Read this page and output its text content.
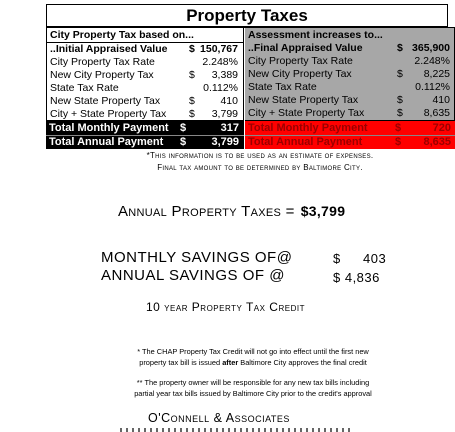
Property Taxes
City Property Tax based on...
..Initial Appraised Value $ 150,767
City Property Tax Rate	2.248%
New City Property Tax	$ 3,389
State Tax Rate	0.112%
New State Property Tax	$ 410
City + State Property Tax $ 3,799
Assessment increases to...
..Final Appraised Value	$ 365,900
City Property Tax Rate	2.248%
New City Property Tax	$ 8,225
State Tax Rate	0.112%
New State Property Tax	$	410
City + State Property Tax	$ 8,635
Total Monthly Payment $	317
Total Annual Payment $ 3,799
Total Monthly Payment $	720
Total Annual Payment	$ 8,635
*This information is to be used as an estimate of expenses.
Final tax amount to be determined by Baltimore City.
Annual Property Taxes = $3,799
MONTHLY SAVINGS OF@	$ 403
ANNUAL SAVINGS OF @	$ 4,836
10 year Property Tax Credit
* The CHAP Property Tax Credit will not go into effect until the first new
property tax bill is issued after Baltimore City approves the final credit
** The property owner will be responsible for any new tax bills including
partial year tax bills issued by Baltimore City prior to the credit's approval
O'Connell & Associates
